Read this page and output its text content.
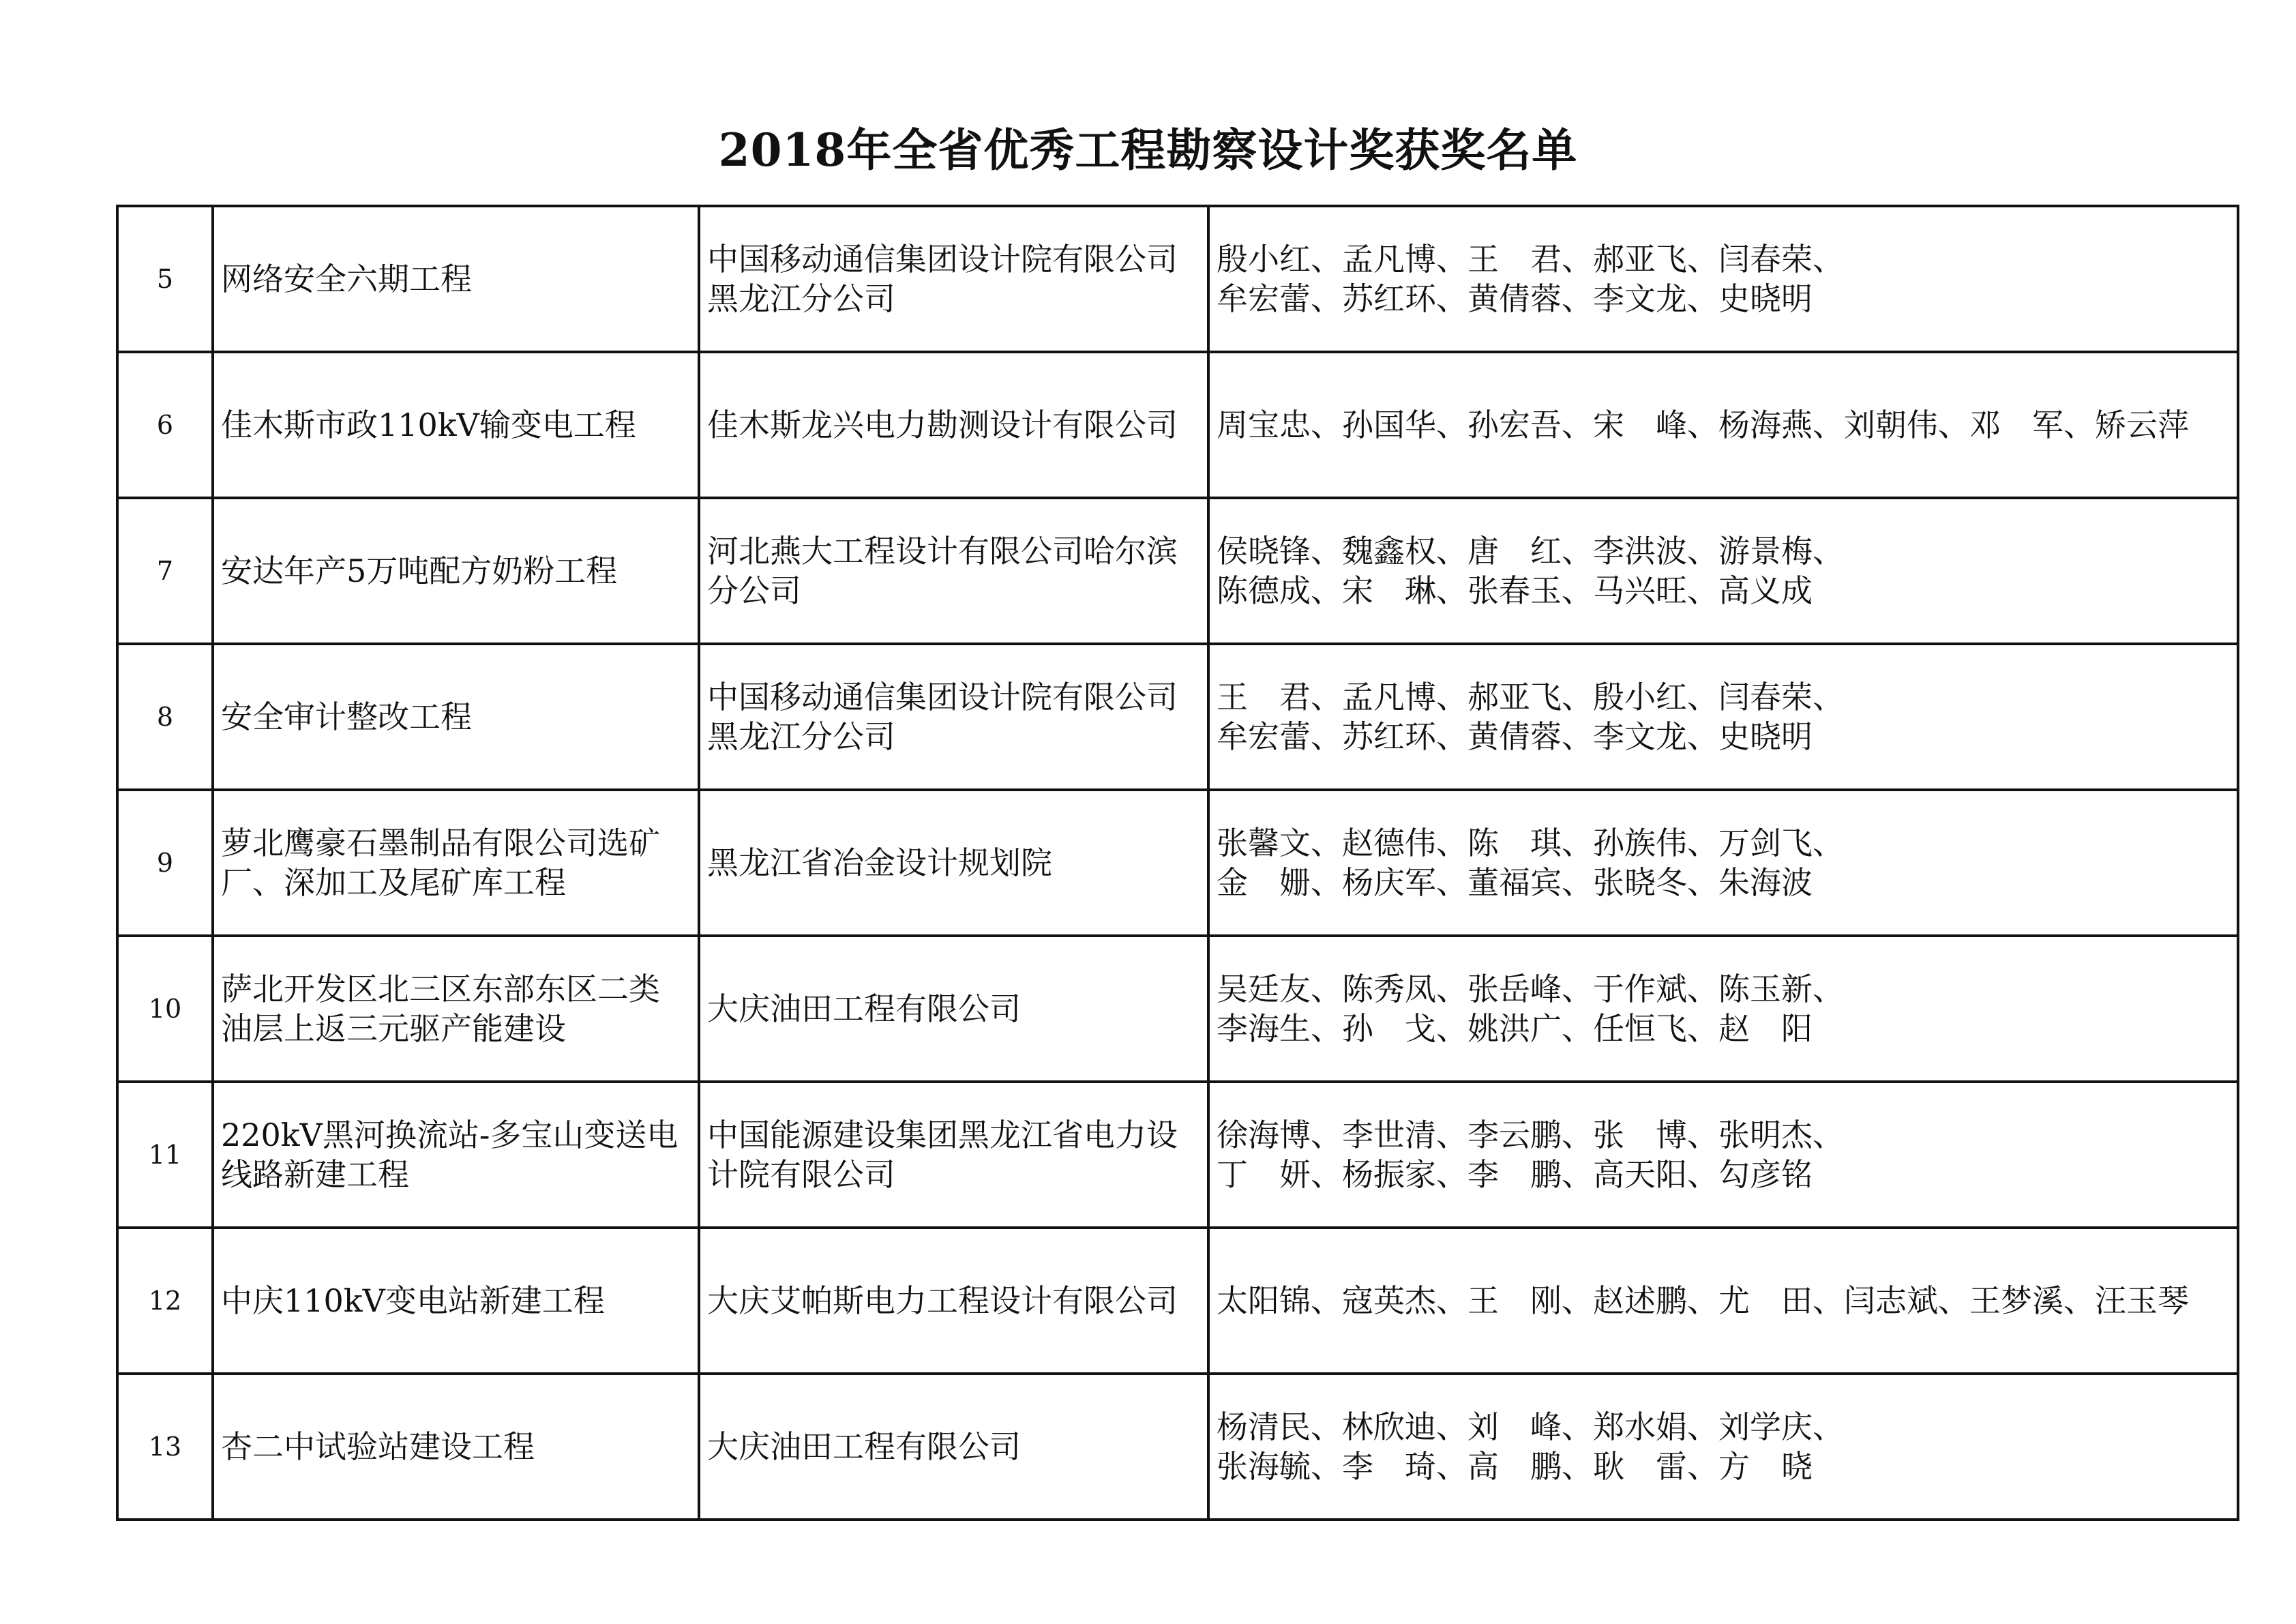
2018年全省优秀工程勘察设计奖获奖名单
5	网络安全六期工程	中国移动通信集团设计院有限公司
黑龙江分公司	殷小红、孟凡博、王　君、郝亚飞、闫春荣、
牟宏蕾、苏红环、黄倩蓉、李文龙、史晓明
6	佳木斯市政110kV输变电工程	佳木斯龙兴电力勘测设计有限公司	周宝忠、孙国华、孙宏吾、宋　峰、杨海燕、刘朝伟、邓　军、矫云萍
7	安达年产5万吨配方奶粉工程	河北燕大工程设计有限公司哈尔滨
分公司	侯晓锋、魏鑫权、唐　红、李洪波、游景梅、
陈德成、宋　琳、张春玉、马兴旺、高义成
8	安全审计整改工程	中国移动通信集团设计院有限公司
黑龙江分公司	王　君、孟凡博、郝亚飞、殷小红、闫春荣、
牟宏蕾、苏红环、黄倩蓉、李文龙、史晓明
9	萝北鹰豪石墨制品有限公司选矿
厂、深加工及尾矿库工程	黑龙江省冶金设计规划院	张馨文、赵德伟、陈　琪、孙族伟、万剑飞、
金　姗、杨庆军、董福宾、张晓冬、朱海波
10	萨北开发区北三区东部东区二类
油层上返三元驱产能建设	大庆油田工程有限公司	吴廷友、陈秀凤、张岳峰、于作斌、陈玉新、
李海生、孙　戈、姚洪广、任恒飞、赵　阳
11	220kV黑河换流站-多宝山变送电
线路新建工程	中国能源建设集团黑龙江省电力设
计院有限公司	徐海博、李世清、李云鹏、张　博、张明杰、
丁　妍、杨振家、李　鹏、高天阳、勾彦铭
12	中庆110kV变电站新建工程	大庆艾帕斯电力工程设计有限公司	太阳锦、寇英杰、王　刚、赵述鹏、尤　田、闫志斌、王梦溪、汪玉琴
13	杏二中试验站建设工程	大庆油田工程有限公司	杨清民、林欣迪、刘　峰、郑水娟、刘学庆、
张海毓、李　琦、高　鹏、耿　雷、方　晓
